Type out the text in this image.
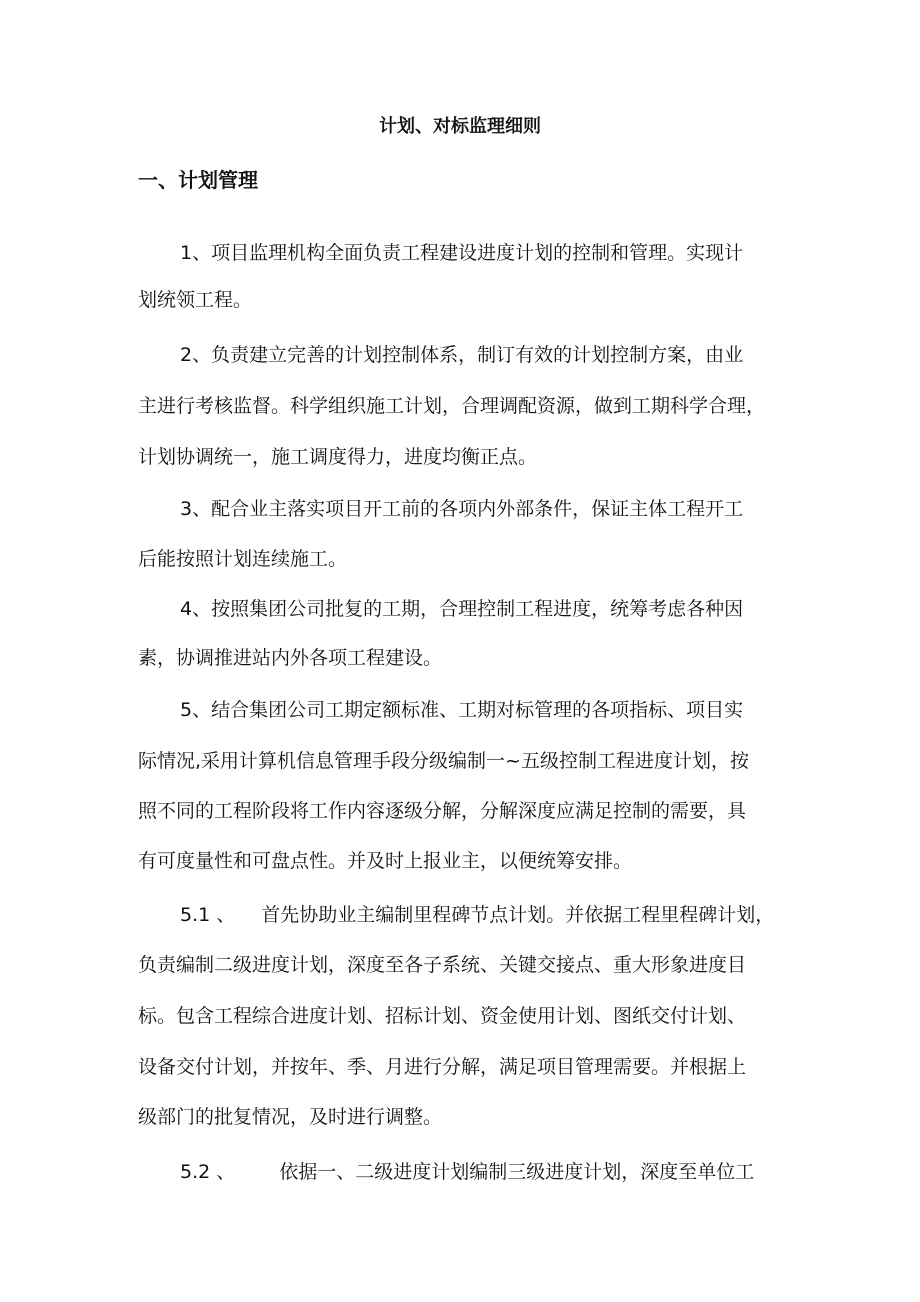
计划、对标监理细则
一、计划管理

1、项目监理机构全面负责工程建设进度计划的控制和管理。实现计

划统领工程。

2、负责建立完善的计划控制体系，制订有效的计划控制方案，由业

主进行考核监督。科学组织施工计划，合理调配资源，做到工期科学合理，

计划协调统一，施工调度得力，进度均衡正点。

3、配合业主落实项目开工前的各项内外部条件，保证主体工程开工

后能按照计划连续施工。

4、按照集团公司批复的工期，合理控制工程进度，统筹考虑各种因

素，协调推进站内外各项工程建设。

5、结合集团公司工期定额标准、工期对标管理的各项指标、项目实

际情况,采用计算机信息管理手段分级编制一~五级控制工程进度计划，按

照不同的工程阶段将工作内容逐级分解，分解深度应满足控制的需要，具

有可度量性和可盘点性。并及时上报业主，以便统筹安排。

5.1 、 首先协助业主编制里程碑节点计划。并依据工程里程碑计划，

负责编制二级进度计划，深度至各子系统、关键交接点、重大形象进度目

标。包含工程综合进度计划、招标计划、资金使用计划、图纸交付计划、

设备交付计划，并按年、季、月进行分解，满足项目管理需要。并根据上

级部门的批复情况，及时进行调整。

5.2 、 依据一、二级进度计划编制三级进度计划，深度至单位工
